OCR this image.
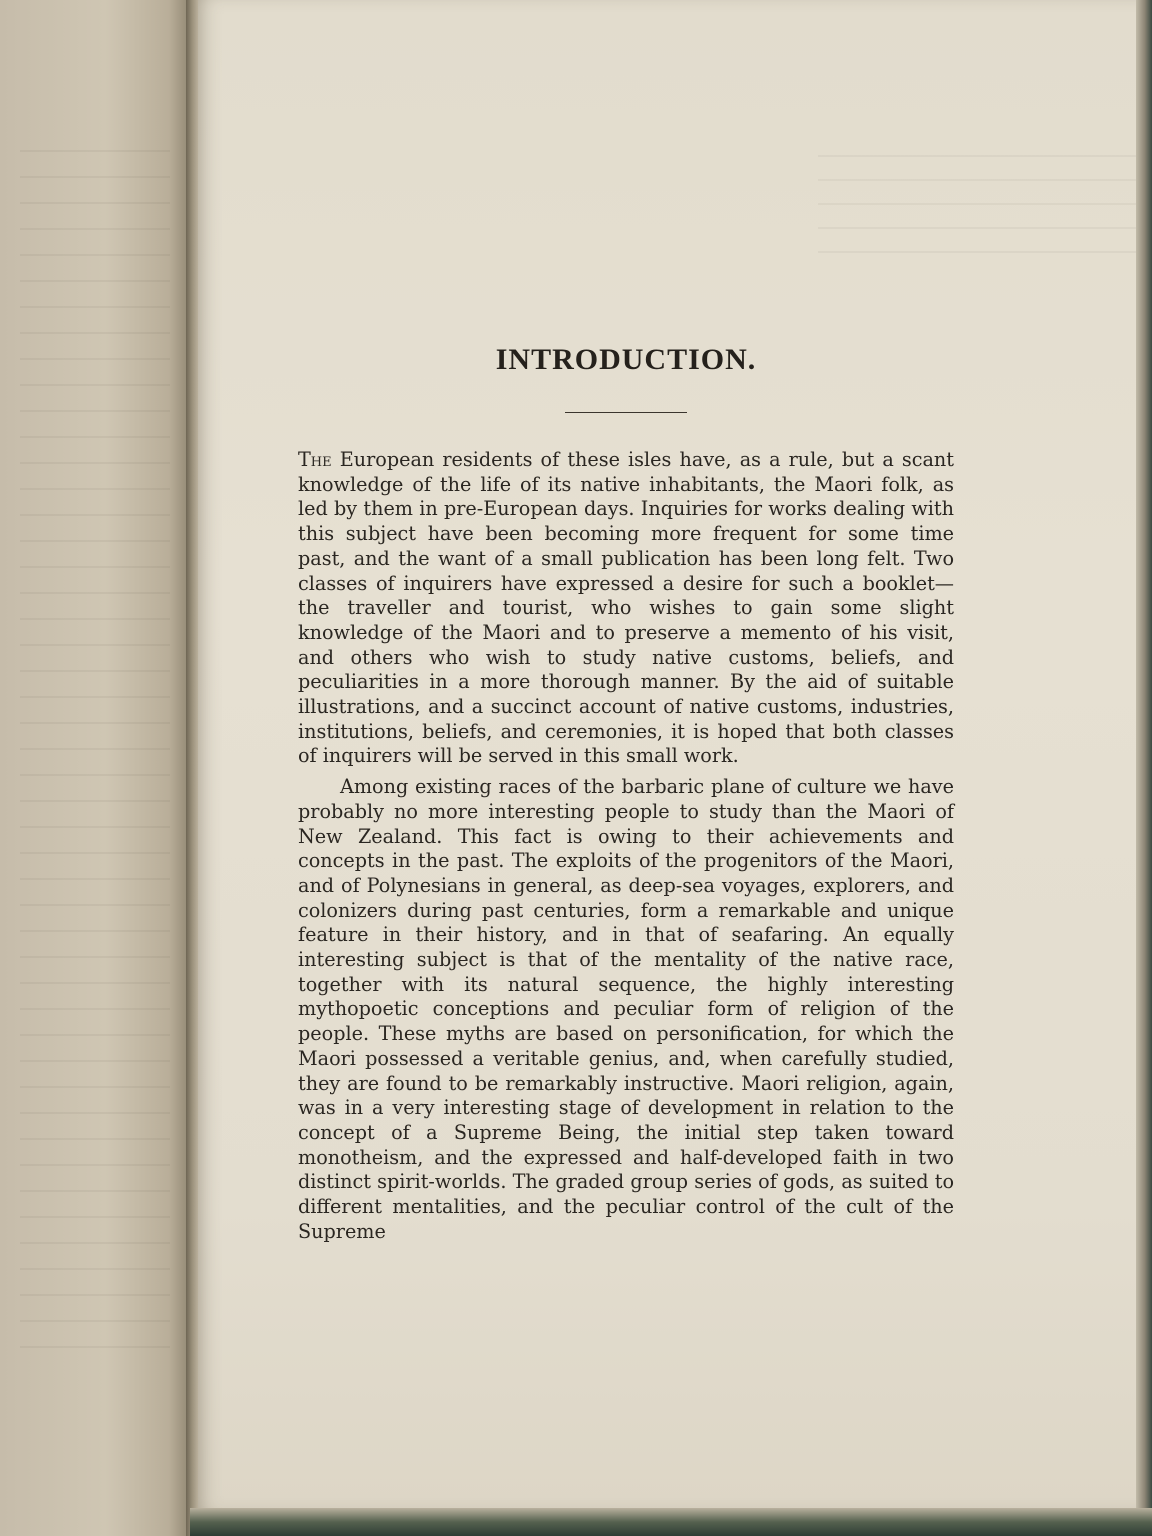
INTRODUCTION.

The European residents of these isles have, as a rule, but a scant knowledge of the life of its native inhabitants, the Maori folk, as led by them in pre-European days. Inquiries for works dealing with this subject have been becoming more frequent for some time past, and the want of a small publication has been long felt. Two classes of inquirers have expressed a desire for such a booklet—the traveller and tourist, who wishes to gain some slight knowledge of the Maori and to preserve a memento of his visit, and others who wish to study native customs, beliefs, and peculiarities in a more thorough manner. By the aid of suitable illustrations, and a succinct account of native customs, industries, institutions, beliefs, and ceremonies, it is hoped that both classes of inquirers will be served in this small work.

Among existing races of the barbaric plane of culture we have probably no more interesting people to study than the Maori of New Zealand. This fact is owing to their achievements and concepts in the past. The exploits of the progenitors of the Maori, and of Polynesians in general, as deep-sea voyages, explorers, and colonizers during past centuries, form a remarkable and unique feature in their history, and in that of seafaring. An equally interesting subject is that of the mentality of the native race, together with its natural sequence, the highly interesting mythopoetic conceptions and peculiar form of religion of the people. These myths are based on personification, for which the Maori possessed a veritable genius, and, when carefully studied, they are found to be remarkably instructive. Maori religion, again, was in a very interesting stage of development in relation to the concept of a Supreme Being, the initial step taken toward monotheism, and the expressed and half-developed faith in two distinct spirit-worlds. The graded group series of gods, as suited to different mentalities, and the peculiar control of the cult of the Supreme
